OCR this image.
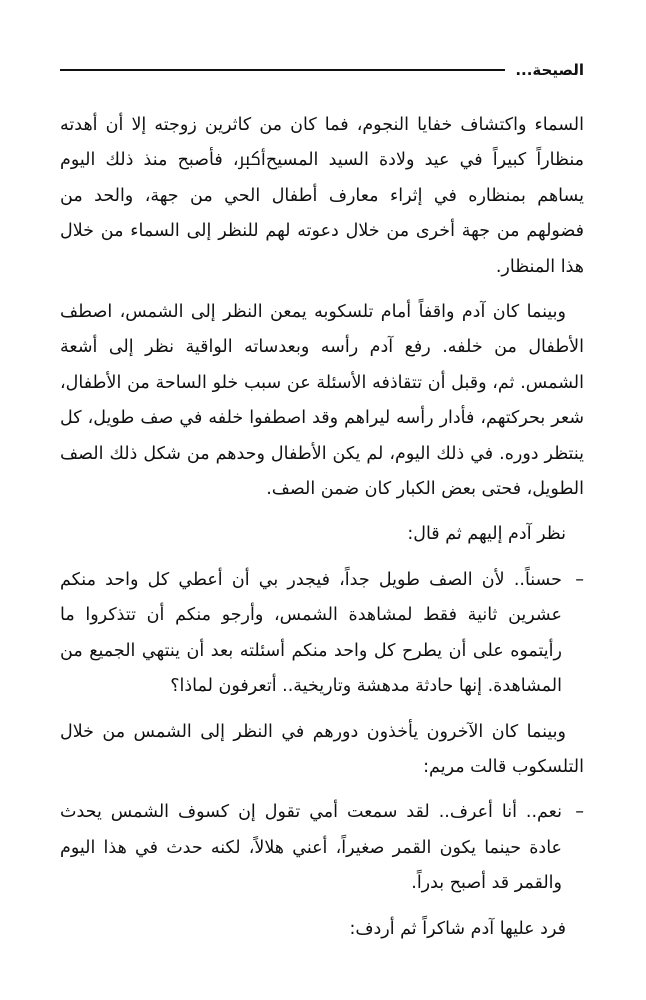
الصيحة...

السماء واكتشاف خفايا النجوم، فما كان من كاثرين زوجته إلا أن أهدته منظاراً كبيراً في عيد ولادة السيد المسيحﷳ، فأصبح منذ ذلك اليوم يساهم بمنظاره في إثراء معارف أطفال الحي من جهة، والحد من فضولهم من جهة أخرى من خلال دعوته لهم للنظر إلى السماء من خلال هذا المنظار.

وبينما كان آدم واقفاً أمام تلسكوبه يمعن النظر إلى الشمس، اصطف الأطفال من خلفه. رفع آدم رأسه وبعدساته الواقية نظر إلى أشعة الشمس. ثم، وقبل أن تتقاذفه الأسئلة عن سبب خلو الساحة من الأطفال، شعر بحركتهم، فأدار رأسه ليراهم وقد اصطفوا خلفه في صف طويل، كل ينتظر دوره. في ذلك اليوم، لم يكن الأطفال وحدهم من شكل ذلك الصف الطويل، فحتى بعض الكبار كان ضمن الصف.

نظر آدم إليهم ثم قال:

–
حسناً.. لأن الصف طويل جداً، فيجدر بي أن أعطي كل واحد منكم عشرين ثانية فقط لمشاهدة الشمس، وأرجو منكم أن تتذكروا ما رأيتموه على أن يطرح كل واحد منكم أسئلته بعد أن ينتهي الجميع من المشاهدة. إنها حادثة مدهشة وتاريخية.. أتعرفون لماذا؟

وبينما كان الآخرون يأخذون دورهم في النظر إلى الشمس من خلال التلسكوب قالت مريم:

–
نعم.. أنا أعرف.. لقد سمعت أمي تقول إن كسوف الشمس يحدث عادة حينما يكون القمر صغيراً، أعني هلالاً، لكنه حدث في هذا اليوم والقمر قد أصبح بدراً.

فرد عليها آدم شاكراً ثم أردف:
